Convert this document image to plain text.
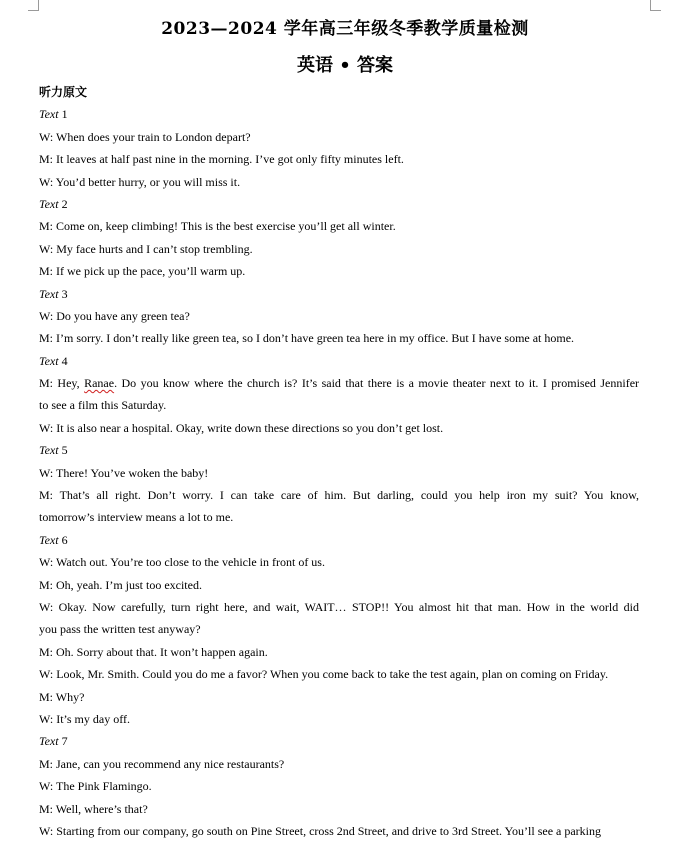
2023—2024 学年高三年级冬季教学质量检测
英语 • 答案
听力原文
Text 1
W: When does your train to London depart?
M: It leaves at half past nine in the morning. I’ve got only fifty minutes left.
W: You’d better hurry, or you will miss it.
Text 2
M: Come on, keep climbing! This is the best exercise you’ll get all winter.
W: My face hurts and I can’t stop trembling.
M: If we pick up the pace, you’ll warm up.
Text 3
W: Do you have any green tea?
M: I’m sorry. I don’t really like green tea, so I don’t have green tea here in my office. But I have some at home.
Text 4
M: Hey, Ranae. Do you know where the church is? It’s said that there is a movie theater next to it. I promised Jennifer
to see a film this Saturday.
W: It is also near a hospital. Okay, write down these directions so you don’t get lost.
Text 5
W: There! You’ve woken the baby!
M: That’s all right. Don’t worry. I can take care of him. But darling, could you help iron my suit? You know,
tomorrow’s interview means a lot to me.
Text 6
W: Watch out. You’re too close to the vehicle in front of us.
M: Oh, yeah. I’m just too excited.
W: Okay. Now carefully, turn right here, and wait, WAIT… STOP!! You almost hit that man. How in the world did
you pass the written test anyway?
M: Oh. Sorry about that. It won’t happen again.
W: Look, Mr. Smith. Could you do me a favor? When you come back to take the test again, plan on coming on Friday.
M: Why?
W: It’s my day off.
Text 7
M: Jane, can you recommend any nice restaurants?
W: The Pink Flamingo.
M: Well, where’s that?
W: Starting from our company, go south on Pine Street, cross 2nd Street, and drive to 3rd Street. You’ll see a parking
